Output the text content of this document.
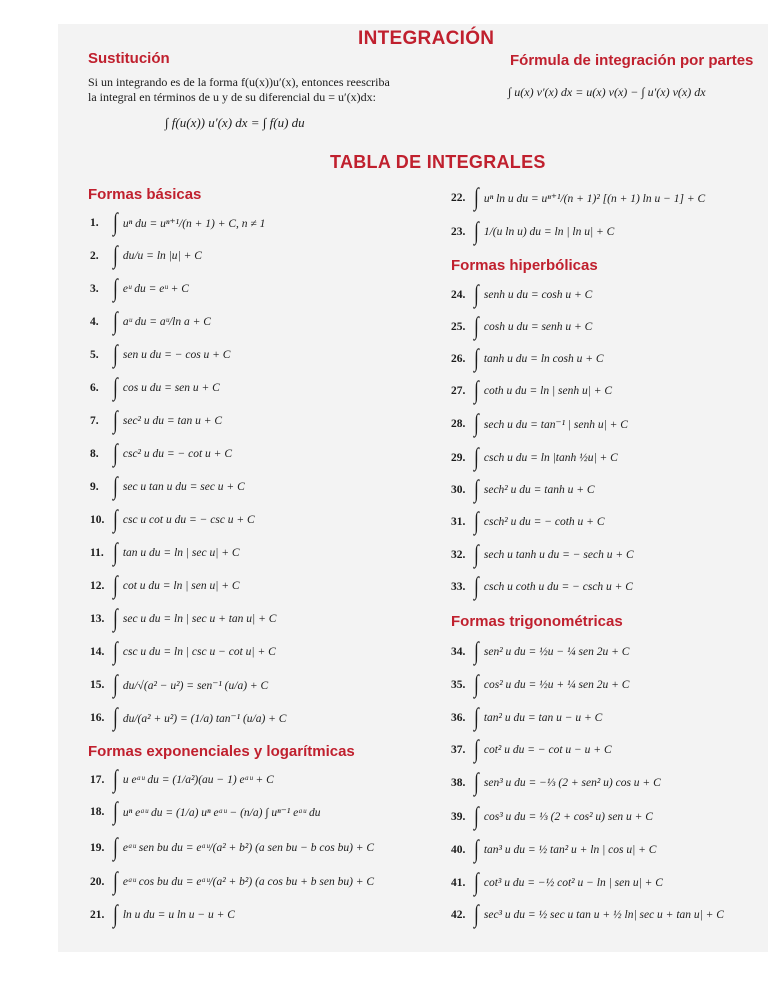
INTEGRACIÓN
Sustitución
Si un integrando es de la forma f(u(x))u′(x), entonces reescriba
la integral en términos de u y de su diferencial du = u′(x)dx:
∫ f(u(x)) u′(x) dx = ∫ f(u) du
Fórmula de integración por partes
∫ u(x) v′(x) dx = u(x) v(x) − ∫ u′(x) v(x) dx
TABLA DE INTEGRALES
Formas básicas
1. ∫ uⁿ du = uⁿ⁺¹/(n + 1) + C, n ≠ 1
2. ∫ du/u = ln |u| + C
3. ∫ eᵘ du = eᵘ + C
4. ∫ aᵘ du = aᵘ/ln a + C
5. ∫ sen u du = − cos u + C
6. ∫ cos u du = sen u + C
7. ∫ sec² u du = tan u + C
8. ∫ csc² u du = − cot u + C
9. ∫ sec u tan u du = sec u + C
10. ∫ csc u cot u du = − csc u + C
11. ∫ tan u du = ln | sec u| + C
12. ∫ cot u du = ln | sen u| + C
13. ∫ sec u du = ln | sec u + tan u| + C
14. ∫ csc u du = ln | csc u − cot u| + C
15. ∫ du/√(a² − u²) = sen⁻¹ (u/a) + C
16. ∫ du/(a² + u²) = (1/a) tan⁻¹ (u/a) + C
Formas exponenciales y logarítmicas
17. ∫ u eᵃᵘ du = (1/a²)(au − 1) eᵃᵘ + C
18. ∫ uⁿ eᵃᵘ du = (1/a) uⁿ eᵃᵘ − (n/a) ∫ uⁿ⁻¹ eᵃᵘ du
19. ∫ eᵃᵘ sen bu du = eᵃᵘ/(a² + b²) (a sen bu − b cos bu) + C
20. ∫ eᵃᵘ cos bu du = eᵃᵘ/(a² + b²) (a cos bu + b sen bu) + C
21. ∫ ln u du = u ln u − u + C
22. ∫ uⁿ ln u du = uⁿ⁺¹/(n + 1)² [(n + 1) ln u − 1] + C
23. ∫ 1/(u ln u) du = ln | ln u| + C
Formas hiperbólicas
24. ∫ senh u du = cosh u + C
25. ∫ cosh u du = senh u + C
26. ∫ tanh u du = ln cosh u + C
27. ∫ coth u du = ln | senh u| + C
28. ∫ sech u du = tan⁻¹ | senh u| + C
29. ∫ csch u du = ln |tanh ½u| + C
30. ∫ sech² u du = tanh u + C
31. ∫ csch² u du = − coth u + C
32. ∫ sech u tanh u du = − sech u + C
33. ∫ csch u coth u du = − csch u + C
Formas trigonométricas
34. ∫ sen² u du = ½u − ¼ sen 2u + C
35. ∫ cos² u du = ½u + ¼ sen 2u + C
36. ∫ tan² u du = tan u − u + C
37. ∫ cot² u du = − cot u − u + C
38. ∫ sen³ u du = −⅓ (2 + sen² u) cos u + C
39. ∫ cos³ u du = ⅓ (2 + cos² u) sen u + C
40. ∫ tan³ u du = ½ tan² u + ln | cos u| + C
41. ∫ cot³ u du = −½ cot² u − ln | sen u| + C
42. ∫ sec³ u du = ½ sec u tan u + ½ ln| sec u + tan u| + C
